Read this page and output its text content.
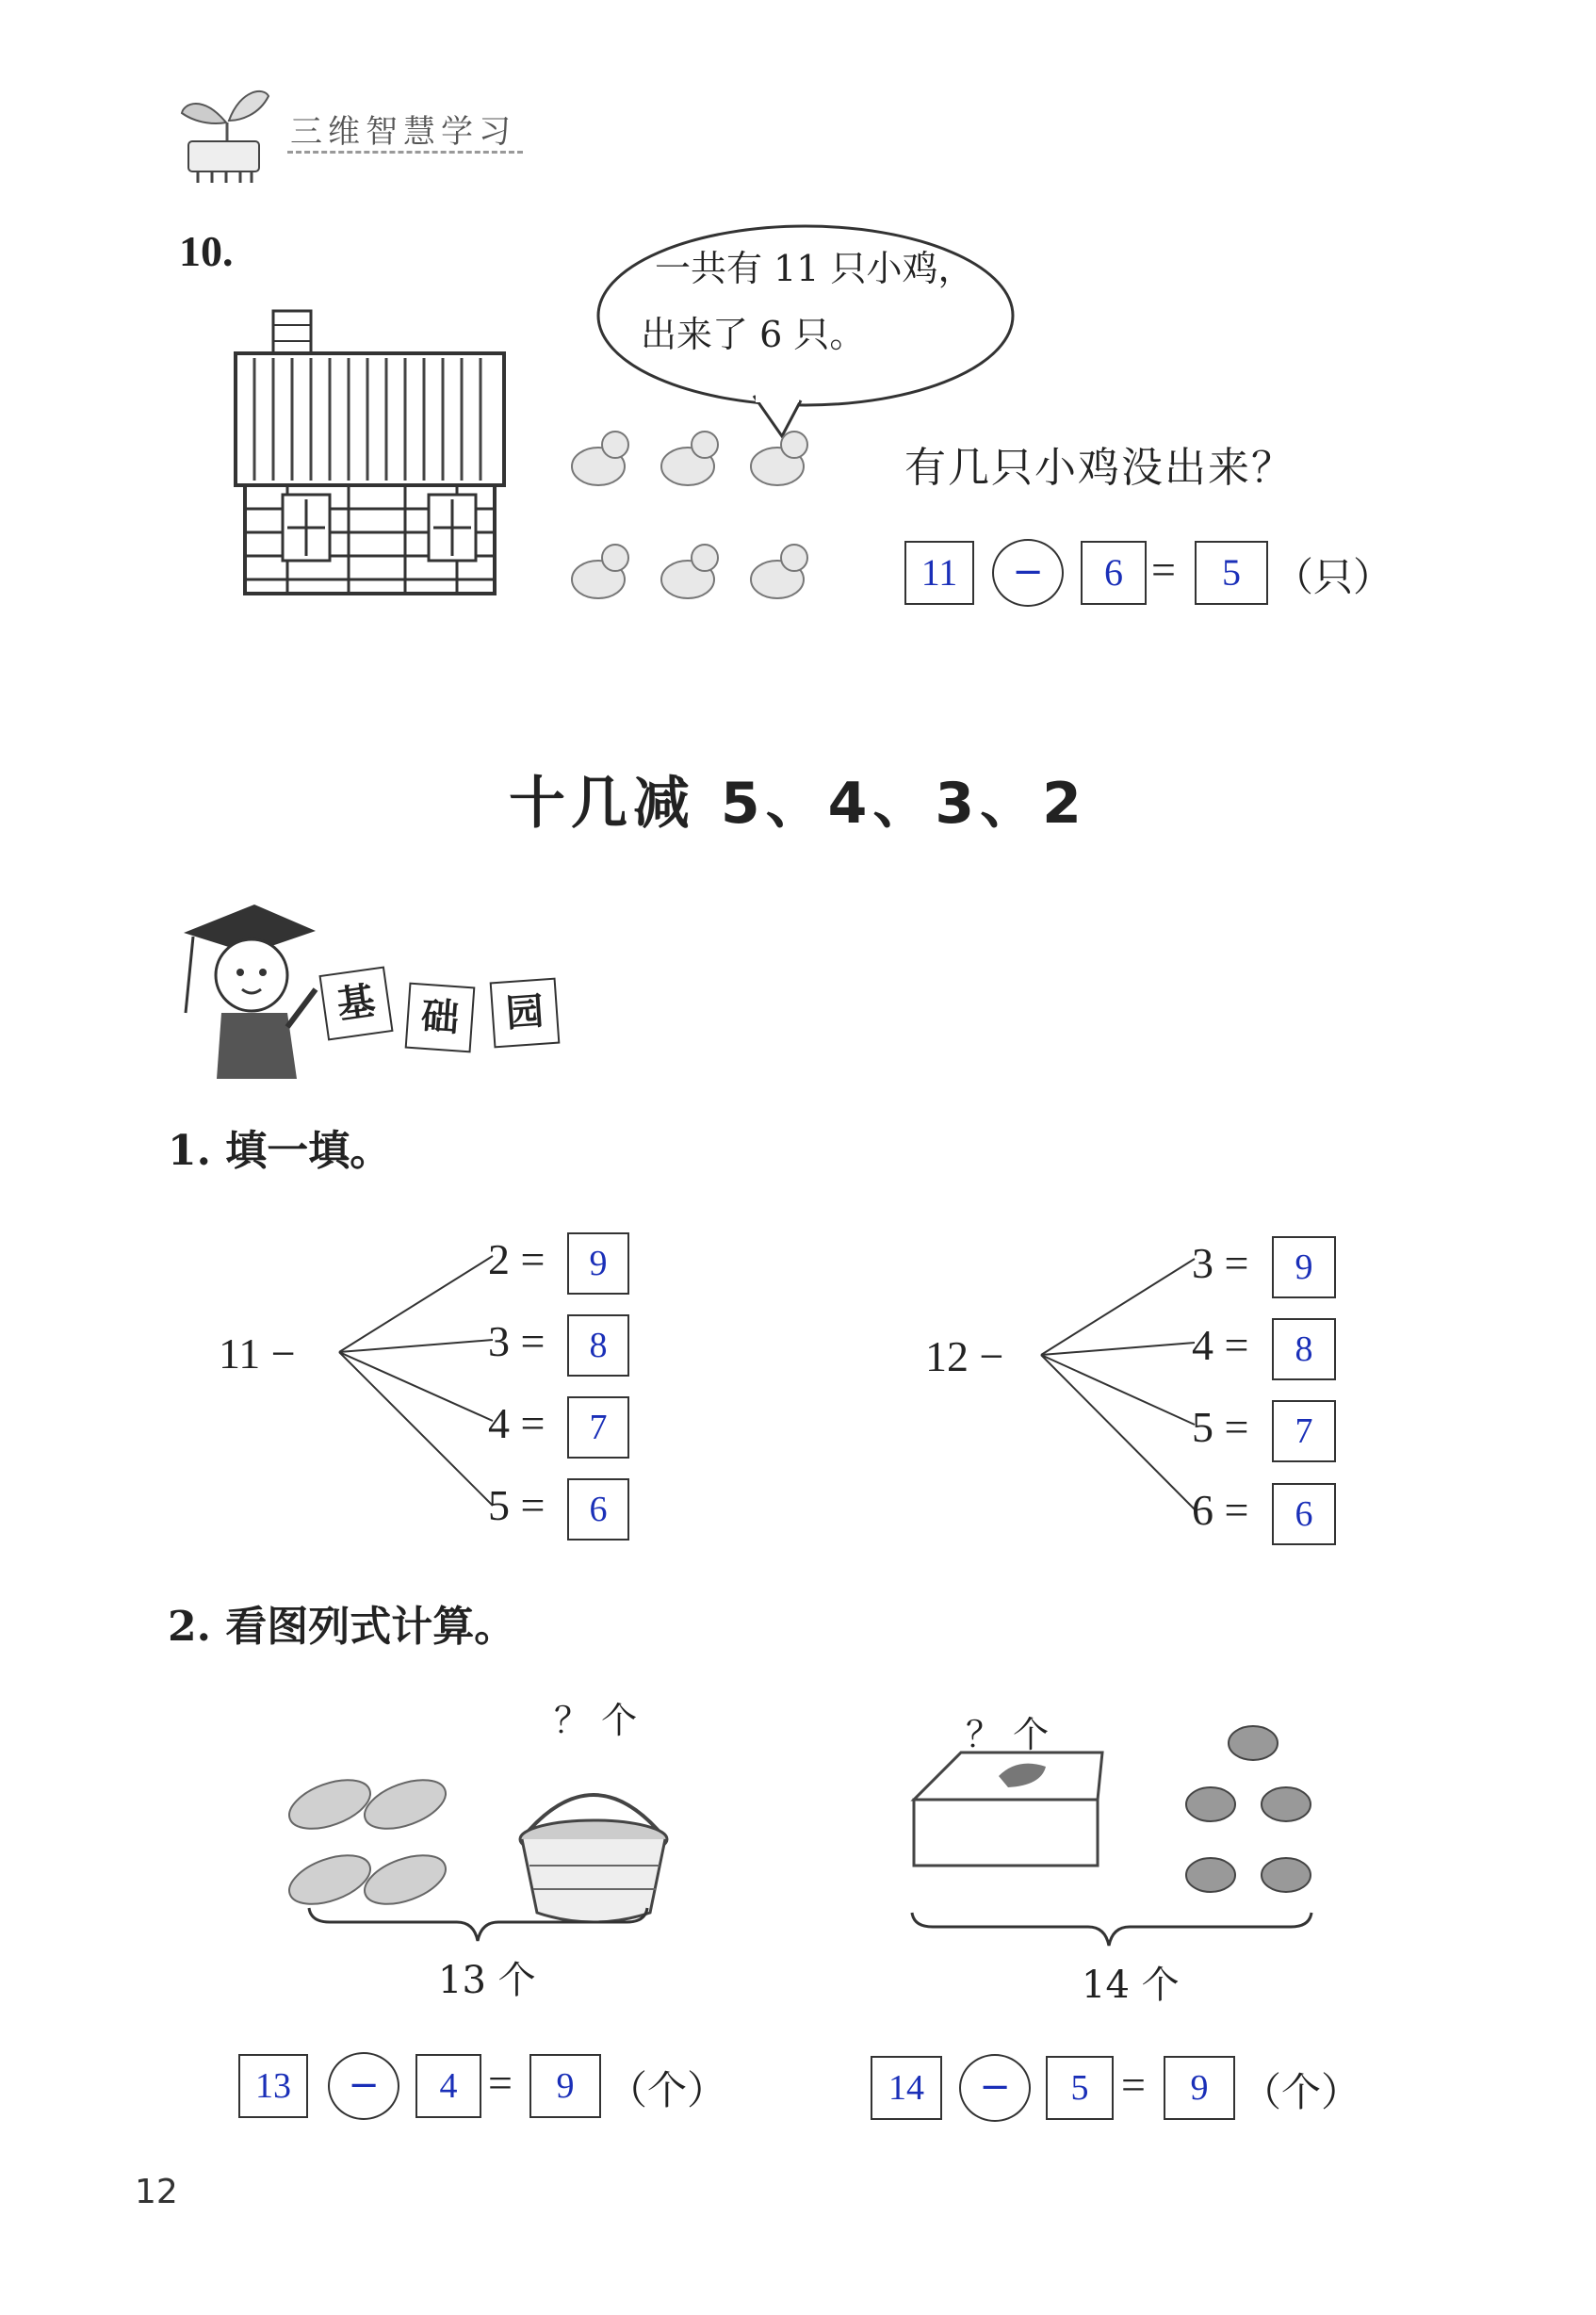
三维智慧学习
10.	一共有 11 只小鸡，
出来了 6 只。
有几只小鸡没出来？
11	−	6 =	5 （只）
十几减 5、4、3、2
基	础	园
1. 填一填。
11 −
2 =	9
3 =	8
4 =	7
5 =	6
12 −
3 =	9
4 =	8
5 =	7
6 =	6
2. 看图列式计算。
？ 个
13 个
？ 个
14 个
13	−	4 =	9 （个）	14	−	5 =	9 （个）
12
